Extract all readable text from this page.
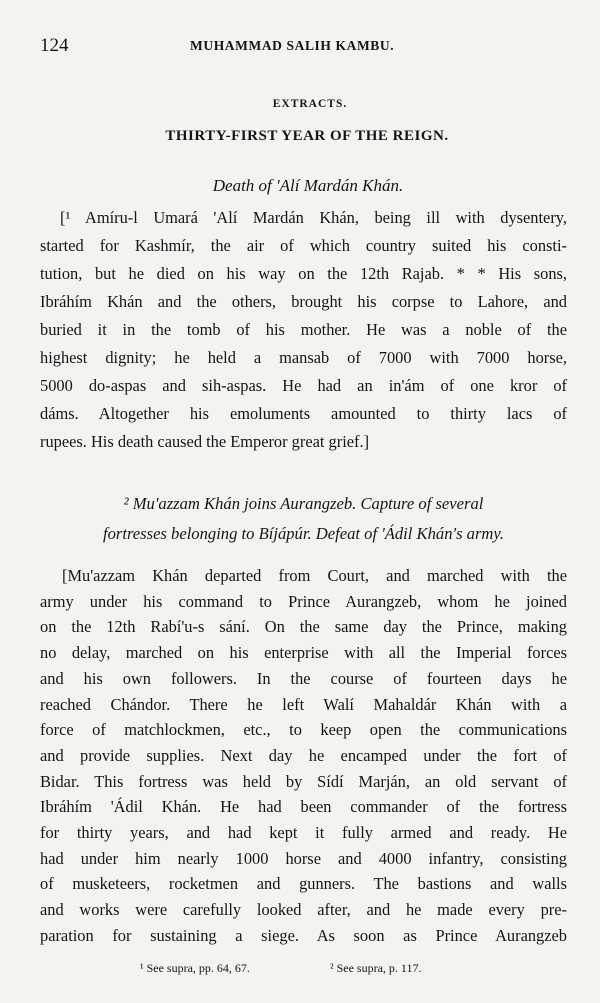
124	MUHAMMAD SALIH KAMBU.
EXTRACTS.
THIRTY-FIRST YEAR OF THE REIGN.
Death of 'Alí Mardán Khán.
[¹ Amíru-l Umará 'Alí Mardán Khán, being ill with dysentery,
started for Kashmír, the air of which country suited his consti-
tution, but he died on his way on the 12th Rajab. * * His sons,
Ibráhím Khán and the others, brought his corpse to Lahore, and
buried it in the tomb of his mother. He was a noble of the
highest dignity; he held a mansab of 7000 with 7000 horse,
5000 do-aspas and sih-aspas. He had an in'ám of one kror of
dáms. Altogether his emoluments amounted to thirty lacs of
rupees. His death caused the Emperor great grief.]
² Mu'azzam Khán joins Aurangzeb. Capture of several
fortresses belonging to Bíjápúr. Defeat of 'Ádil Khán's army.
[Mu'azzam Khán departed from Court, and marched with the
army under his command to Prince Aurangzeb, whom he joined
on the 12th Rabí'u-s sání. On the same day the Prince, making
no delay, marched on his enterprise with all the Imperial forces
and his own followers. In the course of fourteen days he
reached Chándor. There he left Walí Mahaldár Khán with a
force of matchlockmen, etc., to keep open the communications
and provide supplies. Next day he encamped under the fort of
Bidar. This fortress was held by Sídí Marján, an old servant of
Ibráhím 'Ádil Khán. He had been commander of the fortress
for thirty years, and had kept it fully armed and ready. He
had under him nearly 1000 horse and 4000 infantry, consisting
of musketeers, rocketmen and gunners. The bastions and walls
and works were carefully looked after, and he made every pre-
paration for sustaining a siege. As soon as Prince Aurangzeb
¹ See supra, pp. 64, 67.	² See supra, p. 117.
